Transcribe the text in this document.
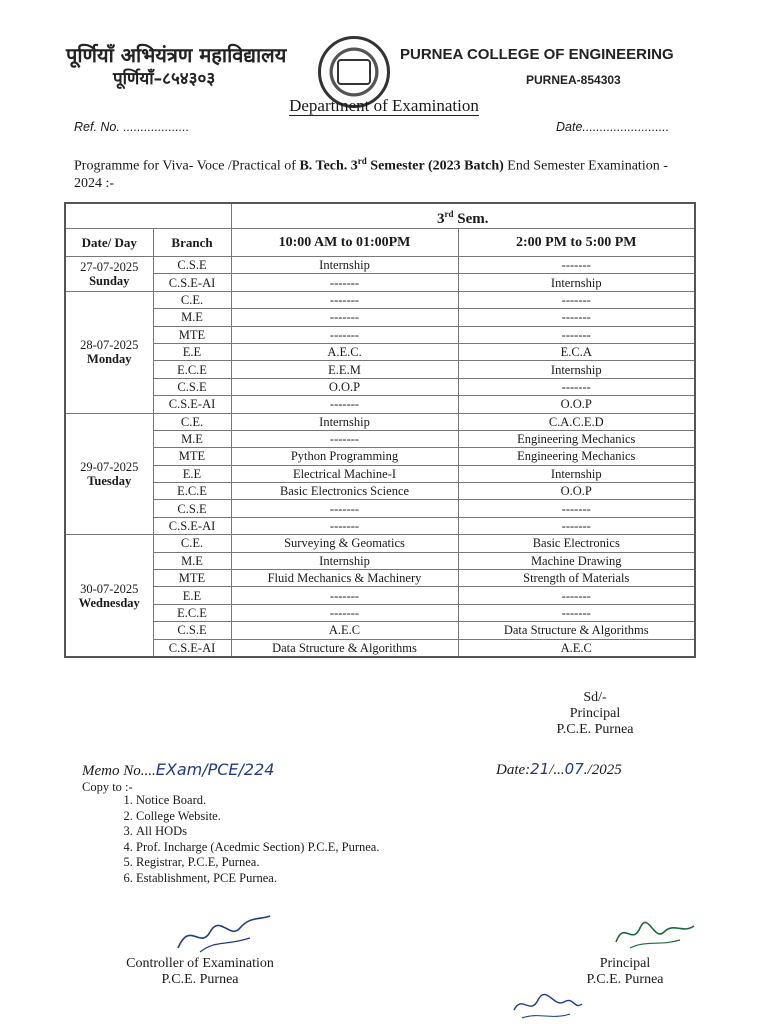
पूर्णियाँ अभियंत्रण महाविद्यालय
पूर्णियाँ–८५४३०३
PURNEA COLLEGE OF ENGINEERING
PURNEA-854303
Department of Examination
Ref. No. ...................	Date.........................
Programme for Viva- Voce /Practical of B. Tech. 3rd Semester (2023 Batch) End Semester Examination - 2024 :-
		3rd Sem.	
Date/ Day	Branch	10:00 AM to 01:00PM	2:00 PM to 5:00 PM

27-07-2025
Sunday	C.S.E	Internship	-------
	C.S.E-AI	-------	Internship

28-07-2025
Monday	C.E.	-------	-------
	M.E	-------	-------
	MTE	-------	-------
	E.E	A.E.C.	E.C.A
	E.C.E	E.E.M	Internship
	C.S.E	O.O.P	-------
	C.S.E-AI	-------	O.O.P

29-07-2025
Tuesday	C.E.	Internship	C.A.C.E.D
	M.E	-------	Engineering Mechanics
	MTE	Python Programming	Engineering Mechanics
	E.E	Electrical Machine-I	Internship
	E.C.E	Basic Electronics Science	O.O.P
	C.S.E	-------	-------
	C.S.E-AI	-------	-------

30-07-2025
Wednesday	C.E.	Surveying & Geomatics	Basic Electronics
	M.E	Internship	Machine Drawing
	MTE	Fluid Mechanics & Machinery	Strength of Materials
	E.E	-------	-------
	E.C.E	-------	-------
	C.S.E	A.E.C	Data Structure & Algorithms
	C.S.E-AI	Data Structure & Algorithms	A.E.C
Sd/-
Principal
P.C.E. Purnea
Memo No....EXam/PCE/224	Date:21/...07./2025
Copy to :-
1. Notice Board.
2. College Website.
3. All HODs
4. Prof. Incharge (Acedmic Section) P.C.E, Purnea.
5. Registrar, P.C.E, Purnea.
6. Establishment, PCE Purnea.
Controller of Examination
P.C.E. Purnea
Principal
P.C.E. Purnea
